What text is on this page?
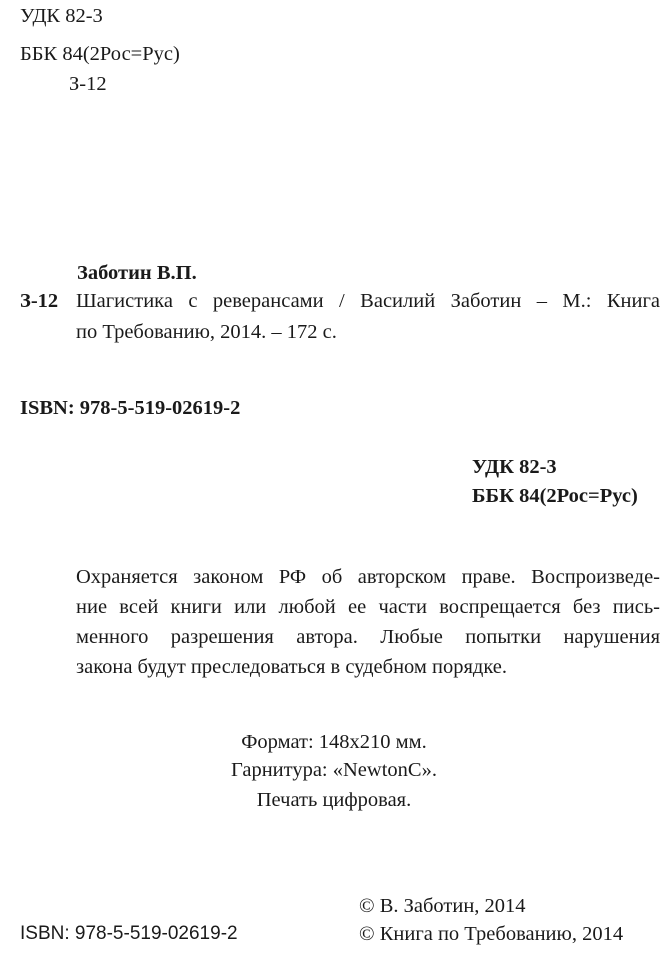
УДК 82-3
ББК 84(2Рос=Рус)
З-12
Заботин В.П.
З-12 Шагистика с реверансами / Василий Заботин – М.: Книга
по Требованию, 2014. – 172 с.
ISBN: 978-5-519-02619-2
УДК 82-3
ББК 84(2Рос=Рус)
Охраняется законом РФ об авторском праве. Воспроизведе-
ние всей книги или любой ее части воспрещается без пись-
менного разрешения автора. Любые попытки нарушения
закона будут преследоваться в судебном порядке.
Формат: 148х210 мм.
Гарнитура: «NewtonC».
Печать цифровая.
© В. Заботин, 2014
ISBN: 978-5-519-02619-2	© Книга по Требованию, 2014
